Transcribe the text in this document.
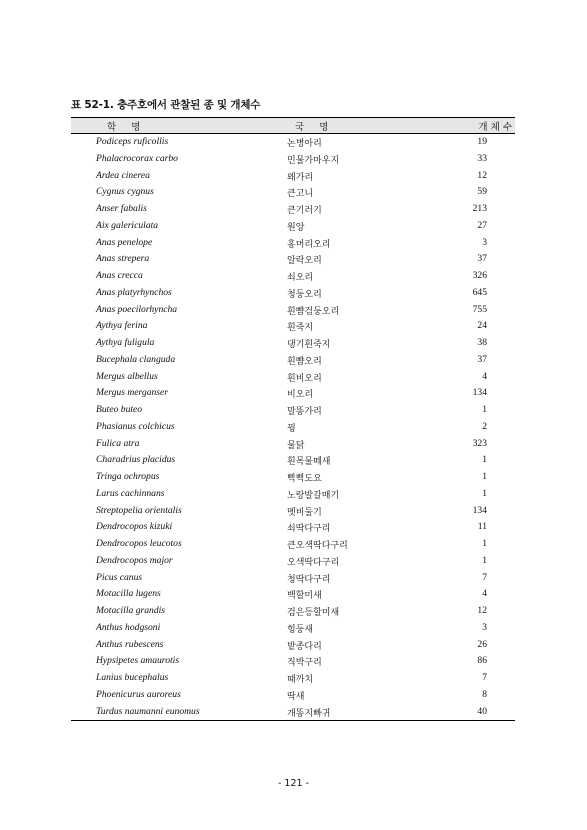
표 52-1. 충주호에서 관찰된 종 및 개체수
학     명	국     명	개 체 수
Podiceps ruficollis	논병아리	19
Phalacrocorax carbo	민물가마우지	33
Ardea cinerea	왜가리	12
Cygnus cygnus	큰고니	59
Anser fabalis	큰기러기	213
Aix galericulata	원앙	27
Anas penelope	홍머리오리	3
Anas strepera	알락오리	37
Anas crecca	쇠오리	326
Anas platyrhynchos	청둥오리	645
Anas poecilorhyncha	흰뺨검둥오리	755
Aythya ferina	흰죽지	24
Aythya fuligula	댕기흰죽지	38
Bucephala clanguda	흰뺨오리	37
Mergus albellus	흰비오리	4
Mergus merganser	비오리	134
Buteo buteo	말똥가리	1
Phasianus colchicus	꿩	2
Fulica atra	물닭	323
Charadrius placidus	흰목물떼새	1
Tringa ochropus	삑삑도요	1
Larus cachinnans	노랑발갈매기	1
Streptopelia orientalis	멧비둘기	134
Dendrocopos kizuki	쇠딱다구리	11
Dendrocopos leucotos	큰오색딱다구리	1
Dendrocopos major	오색딱다구리	1
Picus canus	청딱다구리	7
Motacilla lugens	백할미새	4
Motacilla grandis	검은등할미새	12
Anthus hodgsoni	힝둥새	3
Anthus rubescens	밭종다리	26
Hypsipetes amaurotis	직박구리	86
Lanius bucephalus	때까치	7
Phoenicurus auroreus	딱새	8
Turdus naumanni eunomus	개똥지빠귀	40
- 121 -
